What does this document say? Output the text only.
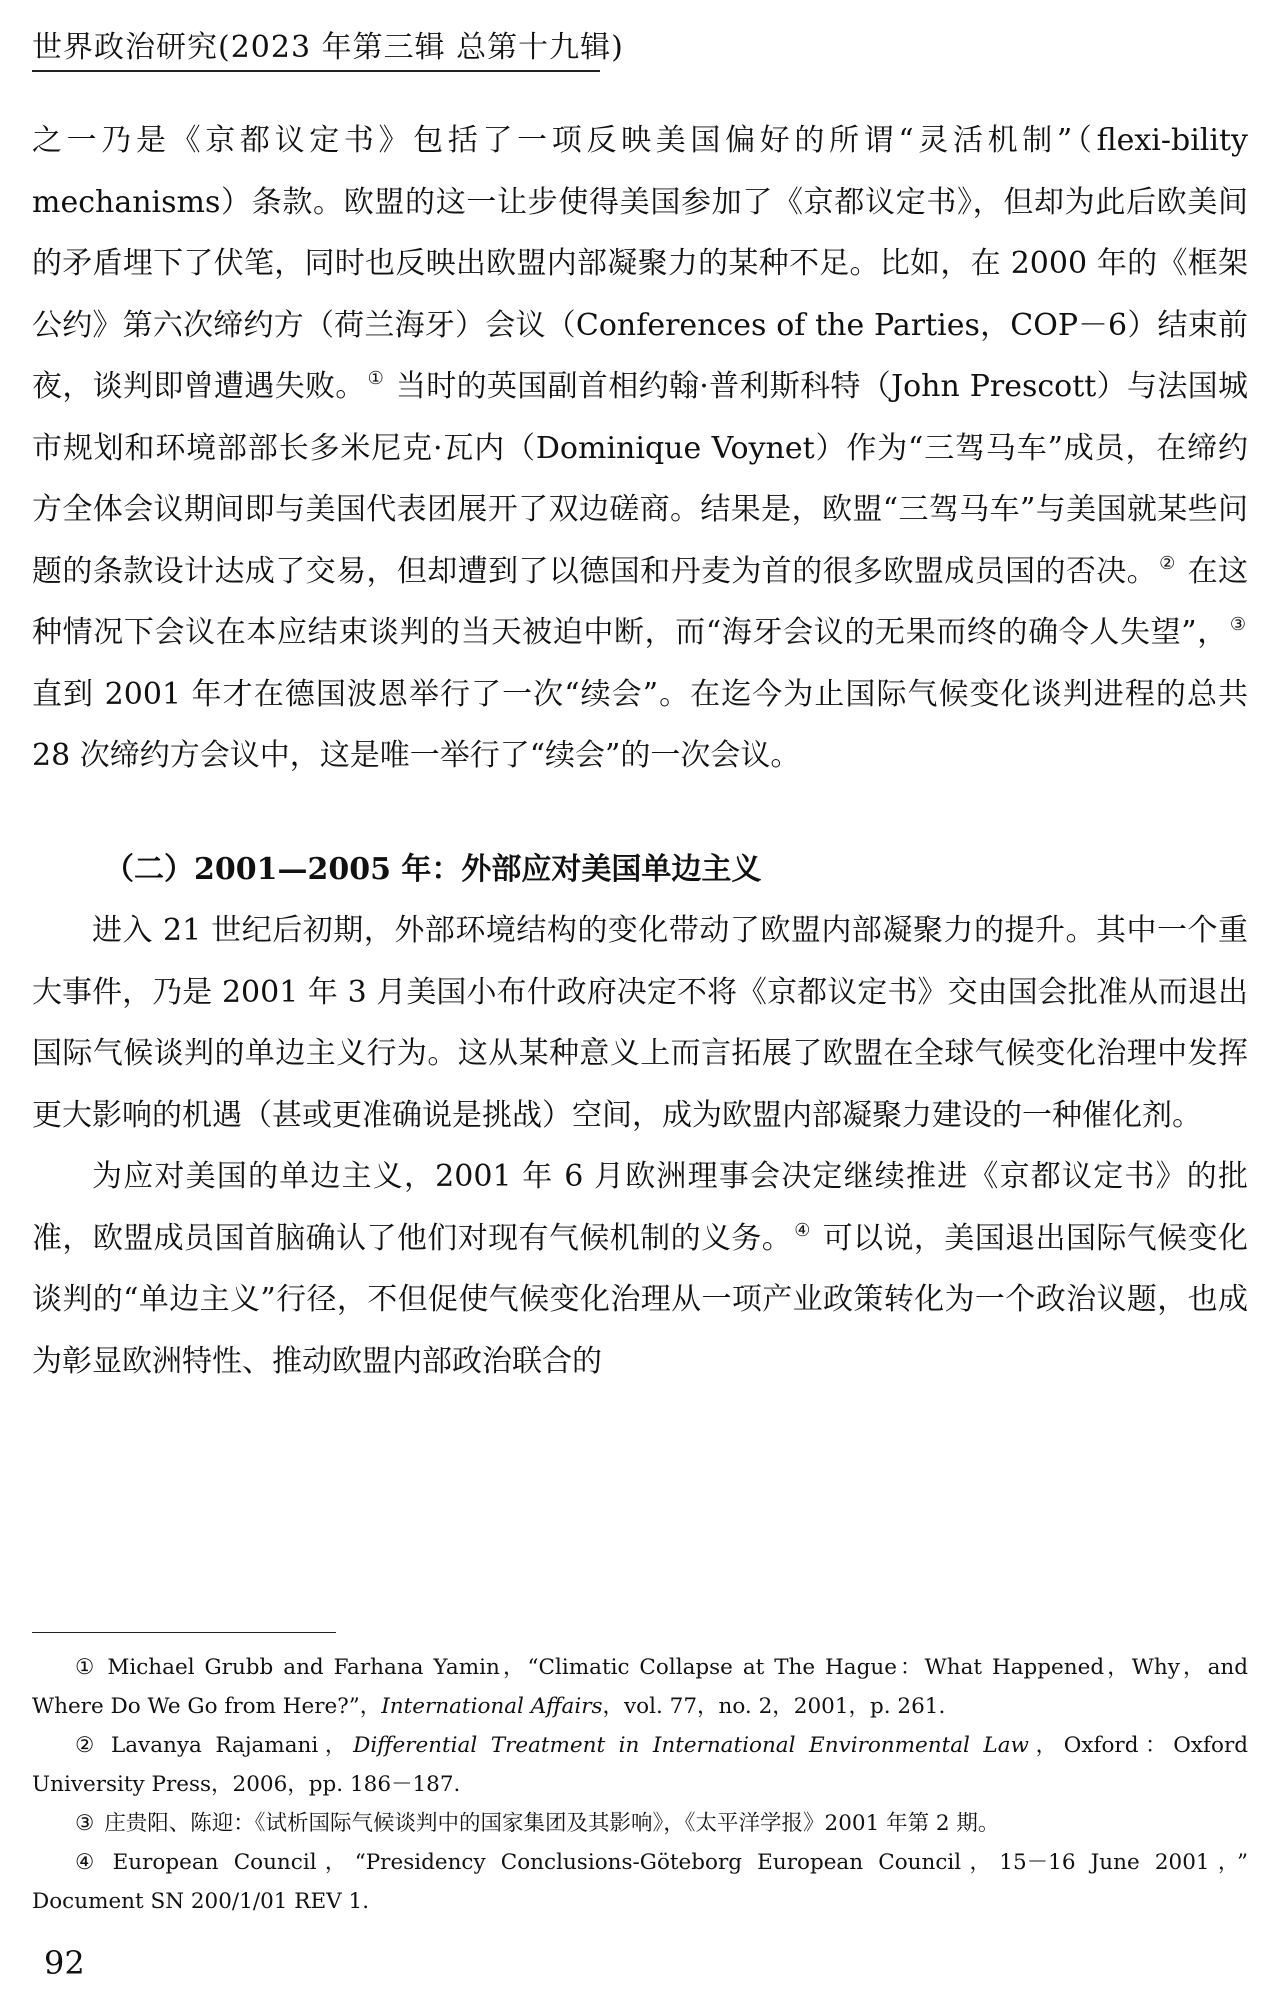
世界政治研究(2023 年第三辑 总第十九辑)

之一乃是《京都议定书》包括了一项反映美国偏好的所谓“灵活机制”（flexi-bility mechanisms）条款。欧盟的这一让步使得美国参加了《京都议定书》，但却为此后欧美间的矛盾埋下了伏笔，同时也反映出欧盟内部凝聚力的某种不足。比如，在 2000 年的《框架公约》第六次缔约方（荷兰海牙）会议（Conferences of the Parties，COP－6）结束前夜，谈判即曾遭遇失败。 ① 当时的英国副首相约翰·普利斯科特（John Prescott）与法国城市规划和环境部部长多米尼克·瓦内（Dominique Voynet）作为“三驾马车”成员，在缔约方全体会议期间即与美国代表团展开了双边磋商。结果是，欧盟“三驾马车”与美国就某些问题的条款设计达成了交易，但却遭到了以德国和丹麦为首的很多欧盟成员国的否决。 ② 在这种情况下会议在本应结束谈判的当天被迫中断，而“海牙会议的无果而终的确令人失望”， ③ 直到 2001 年才在德国波恩举行了一次“续会”。在迄今为止国际气候变化谈判进程的总共 28 次缔约方会议中，这是唯一举行了“续会”的一次会议。

（二）2001—2005 年：外部应对美国单边主义

进入 21 世纪后初期，外部环境结构的变化带动了欧盟内部凝聚力的提升。其中一个重大事件，乃是 2001 年 3 月美国小布什政府决定不将《京都议定书》交由国会批准从而退出国际气候谈判的单边主义行为。这从某种意义上而言拓展了欧盟在全球气候变化治理中发挥更大影响的机遇（甚或更准确说是挑战）空间，成为欧盟内部凝聚力建设的一种催化剂。

为应对美国的单边主义，2001 年 6 月欧洲理事会决定继续推进《京都议定书》的批准，欧盟成员国首脑确认了他们对现有气候机制的义务。 ④ 可以说，美国退出国际气候变化谈判的“单边主义”行径，不但促使气候变化治理从一项产业政策转化为一个政治议题，也成为彰显欧洲特性、推动欧盟内部政治联合的

① Michael Grubb and Farhana Yamin，“Climatic Collapse at The Hague：What Happened，Why，and Where Do We Go from Here?”，International Affairs，vol. 77，no. 2，2001，p. 261.

② Lavanya Rajamani，Differential Treatment in International Environmental Law，Oxford：Oxford University Press，2006，pp. 186－187.

③ 庄贵阳、陈迎：《试析国际气候谈判中的国家集团及其影响》，《太平洋学报》2001 年第 2 期。

④ European Council，“Presidency Conclusions-Göteborg European Council，15－16 June 2001，” Document SN 200/1/01 REV 1.

92
